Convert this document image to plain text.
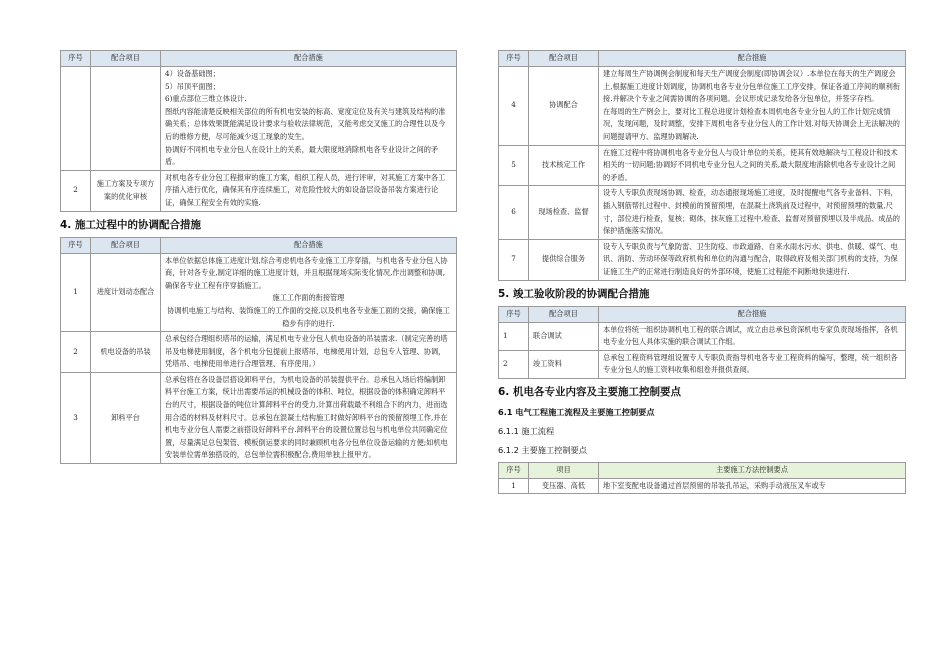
序号	配合项目	配合措施

		4）设备基础图；

5）吊顶平面图；

6)重点部位三维立体设计.

图纸内容能清楚反映相关部位的所有机电安装的标高、宽度定位及有关与建筑及结构的准确关系；总体效果既能满足设计要求与验收法律规范，又能考虑交叉施工的合理性以及今后的维修方便，尽可能减少返工现象的发生。

协调好不同机电专业分包人在设计上的关系，最大限度地消除机电各专业设计之间的矛盾。

2	施工方案及专项方案的优化审核	对机电各专业分包工程报审的施工方案，组织工程人员，进行评审，对其施工方案中各工序插入进行优化，确保其有序连续施工，对危险性较大的如设备层设备吊装方案进行论证，确保工程安全有效的实施.

4. 施工过程中的协调配合措施
序号	配合项目	配合措施
1	进度计划动态配合	本单位依据总体施工进度计划,综合考虑机电各专业施工工序穿插，与机电各专业分包人协商，针对各专业,制定详细的施工进度计划，并且根据现场实际变化情况,作出调整和协调,确保各专业工程有序穿插施工。

施工工作面的衔接管理

协调机电施工与结构、装饰施工的工作面的交接,以及机电各专业施工面的交接，确保施工稳步有序的进行.

2	机电设备的吊装	总承包经合理组织塔吊的运输，满足机电专业分包人机电设备的吊装需求.（制定完善的塔吊及电梯使用制度，各个机电分包提前上报塔吊、电梯使用计划，总包专人管理、协调，凭塔吊、电梯使用单进行合理管理、有序使用。）

3	卸料平台	总承包将在各设备层搭设卸料平台，为机电设备的吊装提供平台。总承包入场后将编制卸料平台施工方案，统计出需要吊运的机械设备的体积、吨位，根据设备的体积确定卸料平台的尺寸，根据设备的吨位计算卸料平台的受力,计算出荷载最不利组合下的内力，进而选用合适的材料及材料尺寸。总承包在混凝土结构施工时做好卸料平台的预留预埋工作,并在机电专业分包人需要之前搭设好卸料平台.卸料平台的设置位置总包与机电单位共同确定位置，尽量满足总包架管、模板倒运要求的同时兼顾机电各分包单位设备运输的方便;如机电安装单位需单独搭设的，总包单位需积极配合,费用单独上报甲方。

序号	配合项目	配合措施
4	协调配合	建立每周生产协调例会制度和每天生产调度会制度(即协调会议）.本单位在每天的生产调度会上,根据施工进度计划调度，协调机电各专业分包单位施工工序安排，保证各道工序间的顺利衔接.并解决个专业之间需协调的各项问题。会议形成记录发给各分包单位，并签字存档。

在每周的生产例会上，要对比工程总进度计划检查本周机电各专业分包人的工作计划完成情况，发现问题，及时调整，安排下周机电各专业分包人的工作计划.对每天协调会上无法解决的问题提请甲方、监理协调解决.

5	技术核定工作	在施工过程中将协调机电各专业分包人与设计单位的关系，使其有效地解决与工程设计和技术相关的一切问题;协调好不同机电专业分包人之间的关系,最大限度地消除机电各专业设计之间的矛盾。

6	现场检查、监督	设专人专职负责现场协调、检查，动态通报现场施工进度，及时提醒电气各专业备料、下料，插入钢筋帮扎过程中、封模前的预留预埋，在混凝土浇筑前及过程中，对预留预埋的数量,尺寸，部位进行检查，复核；砌体，抹灰施工过程中,检查、监督对预留预埋以及半成品、成品的保护措施落实情况。

7	提供综合服务	设专人专职负责与气象防雷、卫生防疫、市政道路、自来水雨水污水、供电、供暖、煤气、电讯、消防、劳动环保等政府机构和单位的沟通与配合，取得政府及相关部门机构的支持，为保证施工生产的正常进行制造良好的外部环境，使施工过程能不间断地快速进行.

5. 竣工验收阶段的协调配合措施
序号	配合项目	配合措施
1	联合调试	本单位将统一组织协调机电工程的联合调试，成立由总承包资深机电专家负责现场指挥，各机电专业分包人具体实施的联合调试工作组。

2	竣工资料	总承包工程资料管理组设置专人专职负责指导机电各专业工程资料的编写，整理，统一组织各专业分包人的施工资料收集和组卷并报供查阅。

6. 机电各专业内容及主要施工控制要点
6.1 电气工程施工流程及主要施工控制要点
6.1.1 施工流程
6.1.2 主要施工控制要点
序号	项目	主要施工方法控制要点
1	变压器、高低	地下室变配电设备通过首层预留的吊装孔吊运，采购手动液压叉车或专
